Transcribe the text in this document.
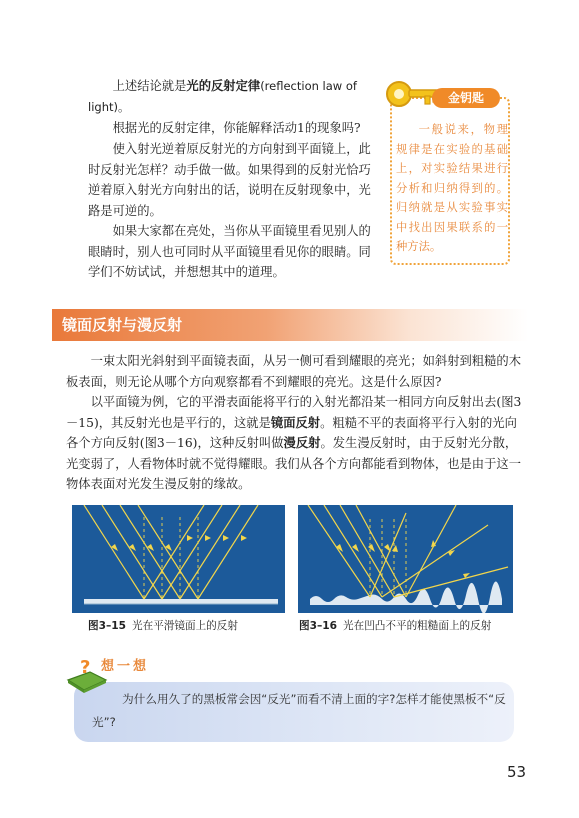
上述结论就是光的反射定律(reflection law of light)。

根据光的反射定律，你能解释活动1的现象吗?

使入射光逆着原反射光的方向射到平面镜上，此时反射光怎样？动手做一做。如果得到的反射光恰巧逆着原入射光方向射出的话，说明在反射现象中，光路是可逆的。

如果大家都在亮处，当你从平面镜里看见别人的眼睛时，别人也可同时从平面镜里看见你的眼睛。同学们不妨试试，并想想其中的道理。

金钥匙

一般说来，物理规律是在实验的基础上，对实验结果进行分析和归纳得到的。归纳就是从实验事实中找出因果联系的一种方法。

镜面反射与漫反射

一束太阳光斜射到平面镜表面，从另一侧可看到耀眼的亮光；如斜射到粗糙的木板表面，则无论从哪个方向观察都看不到耀眼的亮光。这是什么原因?

以平面镜为例，它的平滑表面能将平行的入射光都沿某一相同方向反射出去(图3－15)，其反射光也是平行的，这就是镜面反射。粗糙不平的表面将平行入射的光向各个方向反射(图3－16)，这种反射叫做漫反射。发生漫反射时，由于反射光分散，光变弱了，人看物体时就不觉得耀眼。我们从各个方向都能看到物体，也是由于这一物体表面对光发生漫反射的缘故。

图3–15 光在平滑镜面上的反射	图3–16 光在凹凸不平的粗糙面上的反射
? 想一想

为什么用久了的黑板常会因“反光”而看不清上面的字?怎样才能使黑板不“反光”?

53
